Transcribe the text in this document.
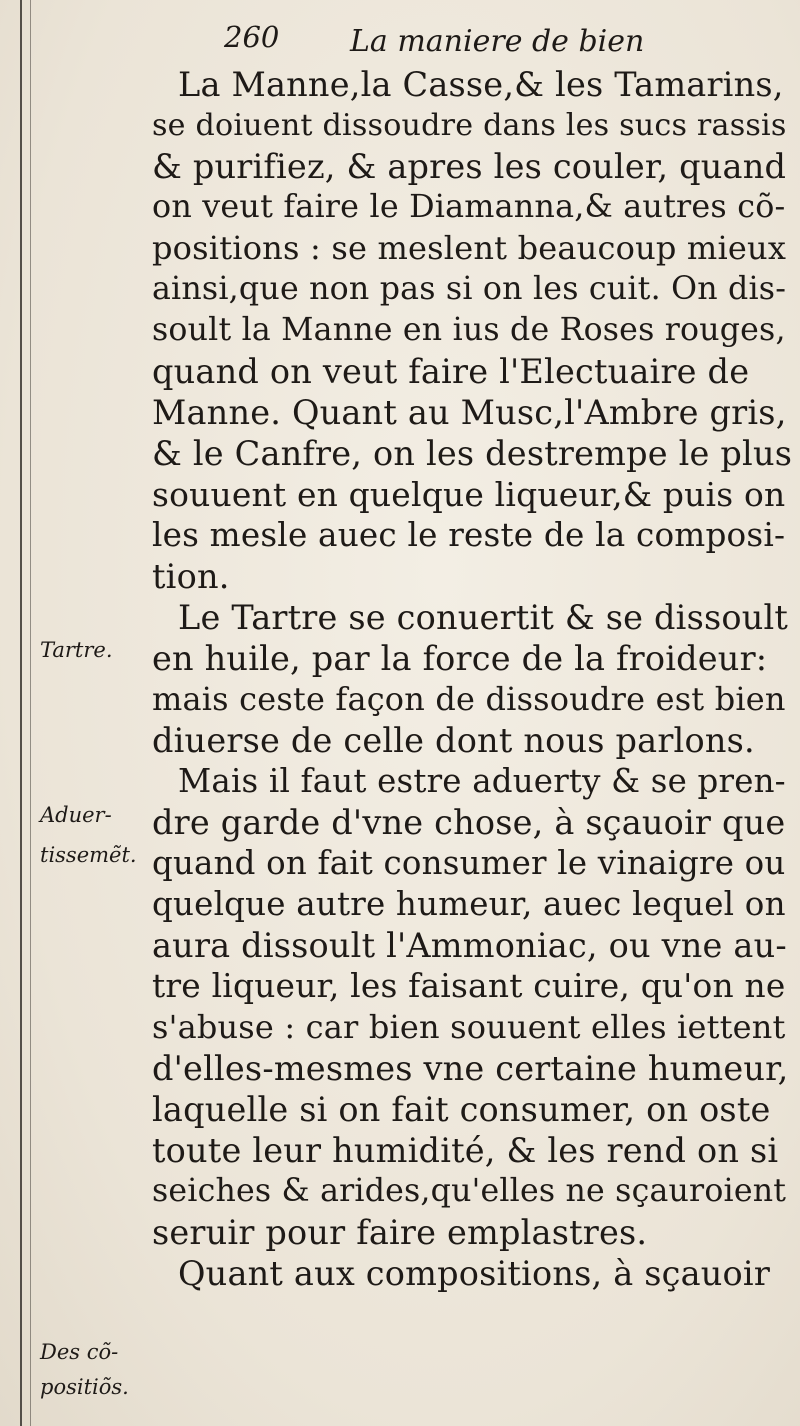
260 La maniere de bien
Tartre.
Aduer-
tissemẽt.
Des cõ-
positiõs.
La Manne,la Casse,& les Tamarins,
se doiuent dissoudre dans les sucs rassis
& purifiez, & apres les couler, quand
on veut faire le Diamanna,& autres cõ-
positions : se meslent beaucoup mieux
ainsi,que non pas si on les cuit. On dis-
soult la Manne en ius de Roses rouges,
quand on veut faire l'Electuaire de
Manne. Quant au Musc,l'Ambre gris,
& le Canfre, on les destrempe le plus
souuent en quelque liqueur,& puis on
les mesle auec le reste de la composi-
tion.
Le Tartre se conuertit & se dissoult
en huile, par la force de la froideur:
mais ceste façon de dissoudre est bien
diuerse de celle dont nous parlons.
Mais il faut estre aduerty & se pren-
dre garde d'vne chose, à sçauoir que
quand on fait consumer le vinaigre ou
quelque autre humeur, auec lequel on
aura dissoult l'Ammoniac, ou vne au-
tre liqueur, les faisant cuire, qu'on ne
s'abuse : car bien souuent elles iettent
d'elles-mesmes vne certaine humeur,
laquelle si on fait consumer, on oste
toute leur humidité, & les rend on si
seiches & arides,qu'elles ne sçauroient
seruir pour faire emplastres.
Quant aux compositions, à sçauoir
